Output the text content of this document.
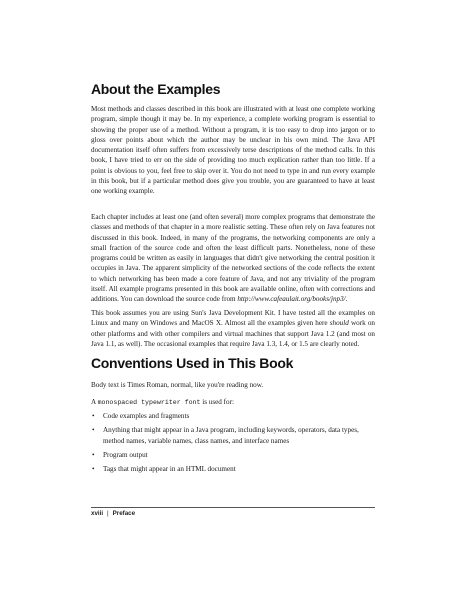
About the Examples

Most methods and classes described in this book are illustrated with at least one complete working program, simple though it may be. In my experience, a complete working program is essential to showing the proper use of a method. Without a program, it is too easy to drop into jargon or to gloss over points about which the author may be unclear in his own mind. The Java API documentation itself often suffers from excessively terse descriptions of the method calls. In this book, I have tried to err on the side of providing too much explication rather than too little. If a point is obvious to you, feel free to skip over it. You do not need to type in and run every example in this book, but if a particular method does give you trouble, you are guaranteed to have at least one working example.

Each chapter includes at least one (and often several) more complex programs that demonstrate the classes and methods of that chapter in a more realistic setting. These often rely on Java features not discussed in this book. Indeed, in many of the programs, the networking components are only a small fraction of the source code and often the least difficult parts. Nonetheless, none of these programs could be written as easily in languages that didn't give networking the central position it occupies in Java. The apparent simplicity of the networked sections of the code reflects the extent to which networking has been made a core feature of Java, and not any triviality of the program itself. All example programs presented in this book are available online, often with corrections and additions. You can download the source code from http://www.cafeaulait.org/books/jnp3/.

This book assumes you are using Sun's Java Development Kit. I have tested all the examples on Linux and many on Windows and MacOS X. Almost all the examples given here should work on other platforms and with other compilers and virtual machines that support Java 1.2 (and most on Java 1.1, as well). The occasional examples that require Java 1.3, 1.4, or 1.5 are clearly noted.

Conventions Used in This Book

Body text is Times Roman, normal, like you're reading now.

A monospaced typewriter font is used for:

• Code examples and fragments
• Anything that might appear in a Java program, including keywords, operators, data types, method names, variable names, class names, and interface names
• Program output
• Tags that might appear in an HTML document
xviii | Preface
